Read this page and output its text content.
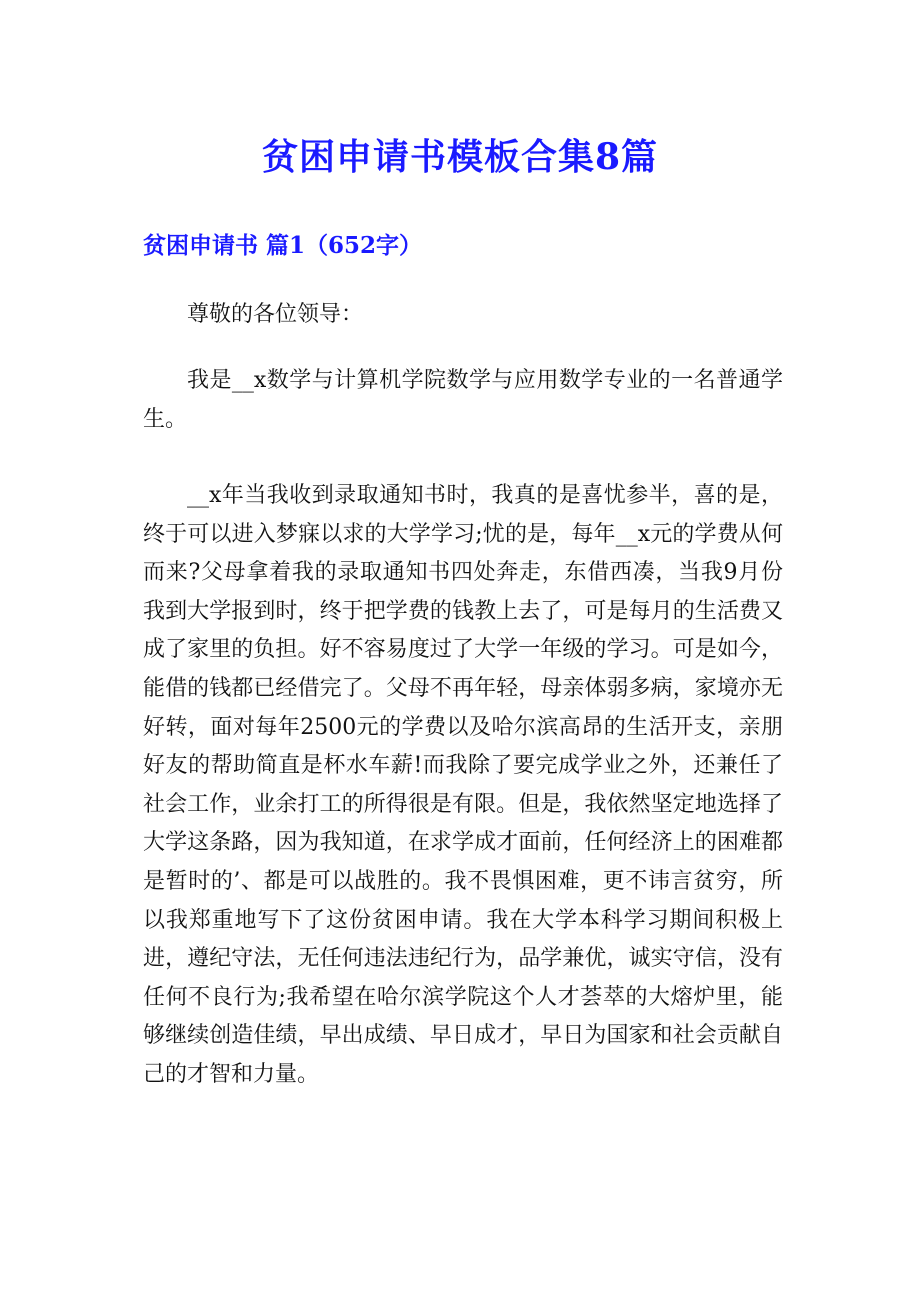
贫困申请书模板合集8篇
贫困申请书 篇1（652字）

尊敬的各位领导：

我是__x数学与计算机学院数学与应用数学专业的一名普通学生。

__x年当我收到录取通知书时，我真的是喜忧参半，喜的是，终于可以进入梦寐以求的大学学习;忧的是，每年__x元的学费从何而来?父母拿着我的录取通知书四处奔走，东借西凑，当我9月份我到大学报到时，终于把学费的钱教上去了，可是每月的生活费又成了家里的负担。好不容易度过了大学一年级的学习。可是如今，能借的钱都已经借完了。父母不再年轻，母亲体弱多病，家境亦无好转，面对每年2500元的学费以及哈尔滨高昂的生活开支，亲朋好友的帮助简直是杯水车薪!而我除了要完成学业之外，还兼任了社会工作，业余打工的所得很是有限。但是，我依然坚定地选择了大学这条路，因为我知道，在求学成才面前，任何经济上的困难都是暂时的’、都是可以战胜的。我不畏惧困难，更不讳言贫穷，所以我郑重地写下了这份贫困申请。我在大学本科学习期间积极上进，遵纪守法，无任何违法违纪行为，品学兼优，诚实守信，没有任何不良行为;我希望在哈尔滨学院这个人才荟萃的大熔炉里，能够继续创造佳绩，早出成绩、早日成才，早日为国家和社会贡献自己的才智和力量。
